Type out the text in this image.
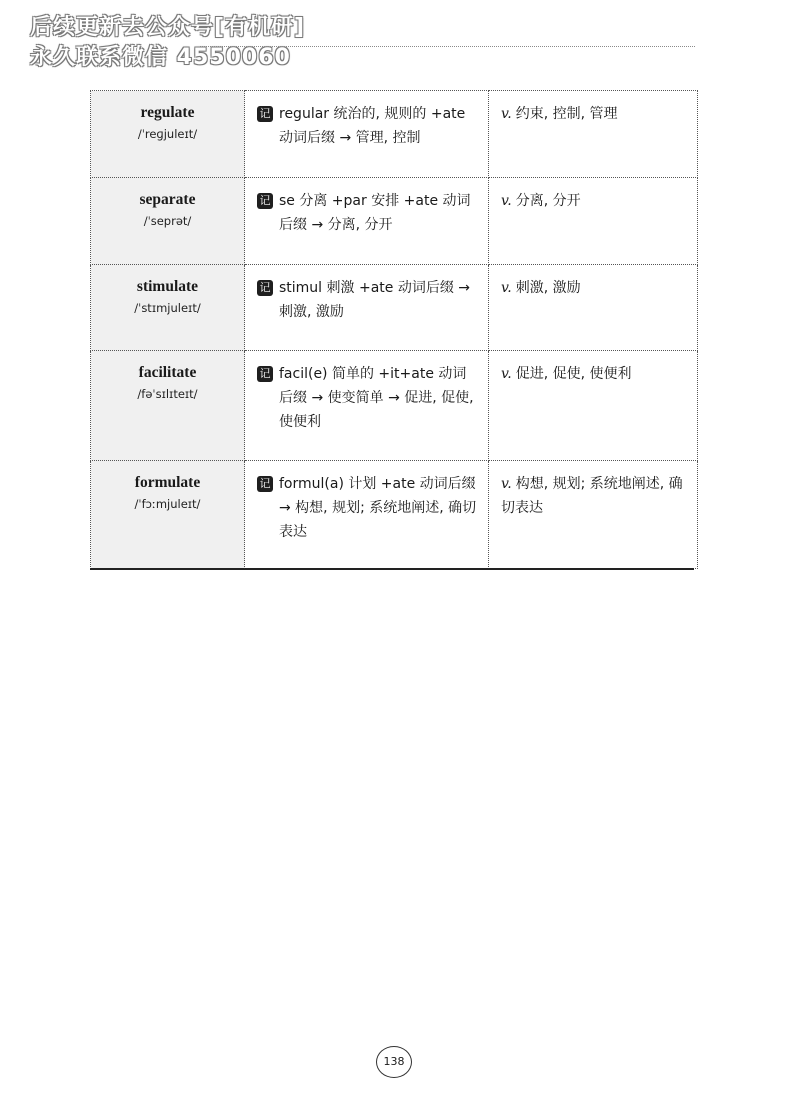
后续更新去公众号[有机研]
永久联系微信 4550060
regulate
/ˈreɡjuleɪt/	记 regular 统治的, 规则的 +ate 动词后缀 → 管理, 控制	v. 约束, 控制, 管理

separate
/ˈseprət/	记 se 分离 +par 安排 +ate 动词后缀 → 分离, 分开	v. 分离, 分开

stimulate
/ˈstɪmjuleɪt/	记 stimul 刺激 +ate 动词后缀 → 刺激, 激励	v. 刺激, 激励

facilitate
/fəˈsɪlɪteɪt/	记 facil(e) 简单的 +it+ate 动词后缀 → 使变简单 → 促进, 促使, 使便利	v. 促进, 促使, 使便利

formulate
/ˈfɔːmjuleɪt/	记 formul(a) 计划 +ate 动词后缀 → 构想, 规划; 系统地阐述, 确切表达	v. 构想, 规划; 系统地阐述, 确切表达
138
